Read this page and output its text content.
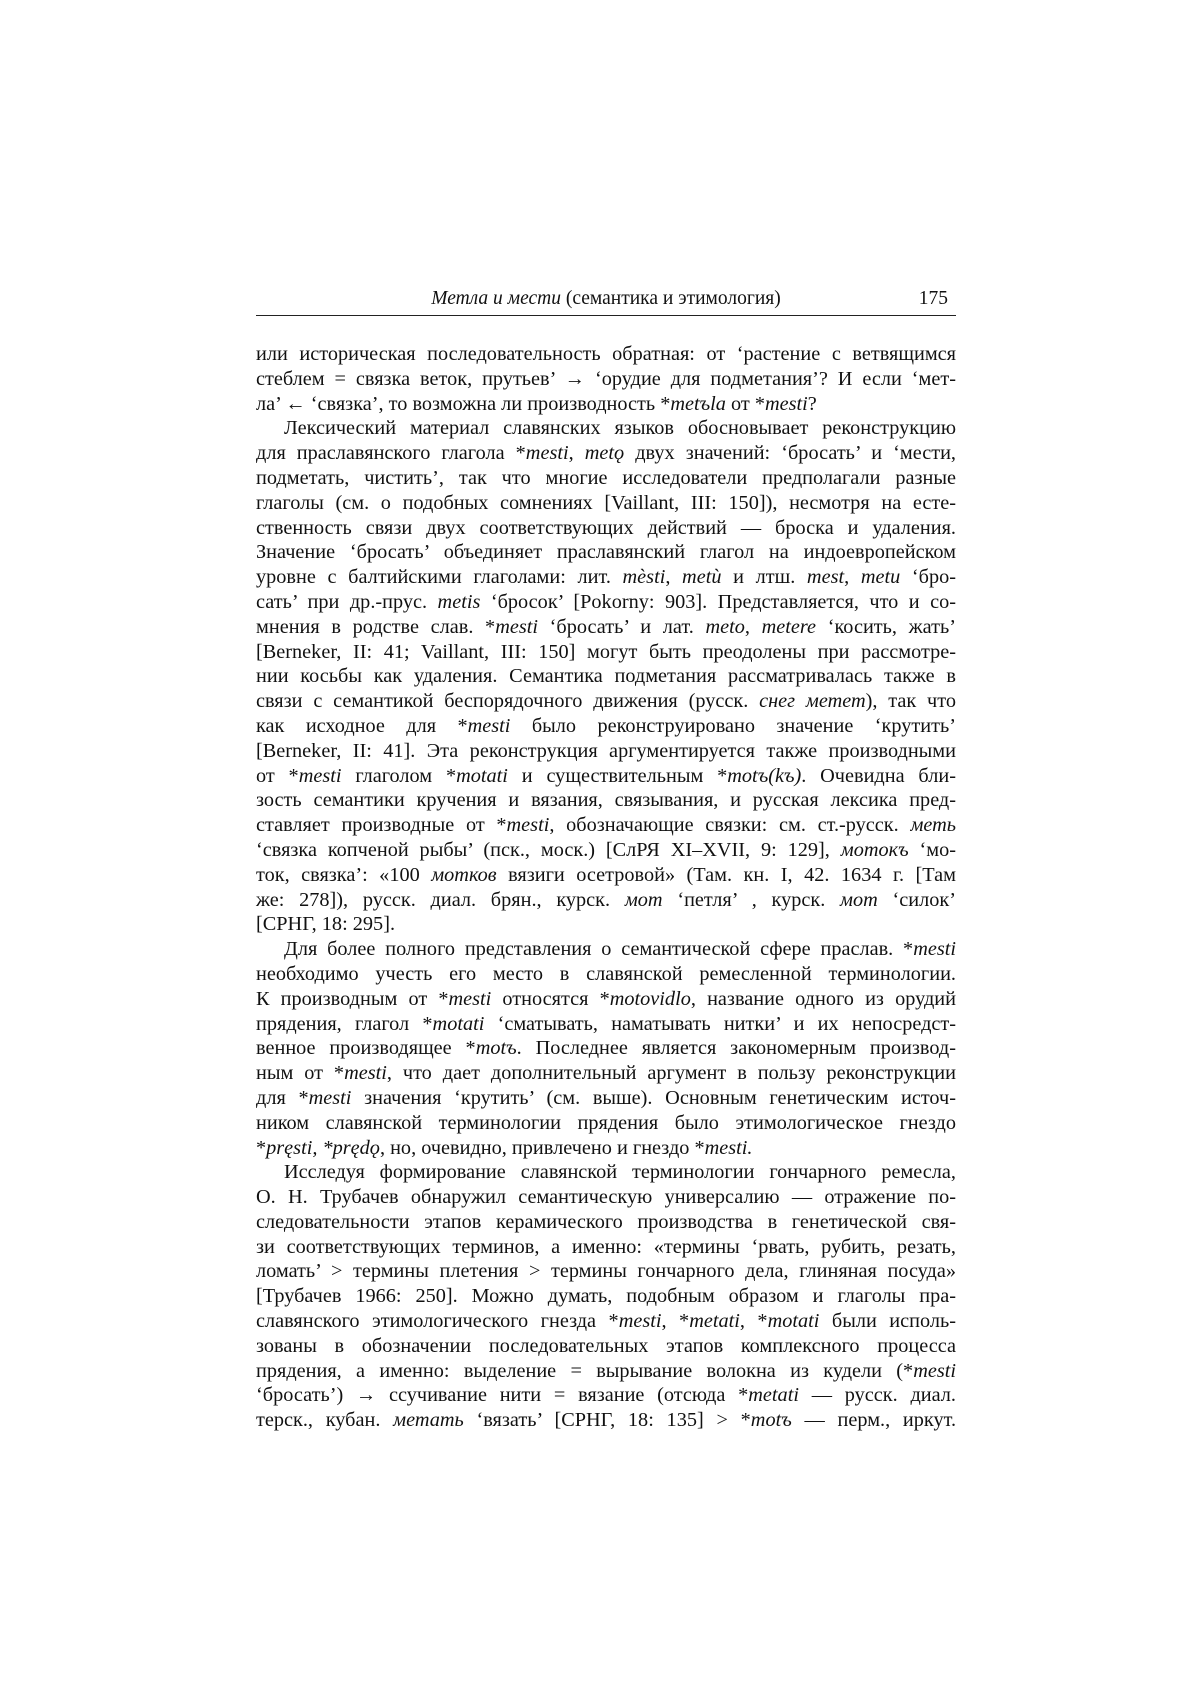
Метла и мести (семантика и этимология)	175
или историческая последовательность обратная: от ‘растение с ветвящимся
стеблем = связка веток, прутьев’ → ‘орудие для подметания’? И если ‘мет-
ла’ ← ‘связка’, то возможна ли производность *metъla от *mesti?
Лексический материал славянских языков обосновывает реконструкцию
для праславянского глагола *mesti, metǫ двух значений: ‘бросать’ и ‘мести,
подметать, чистить’, так что многие исследователи предполагали разные
глаголы (см. о подобных сомнениях [Vaillant, III: 150]), несмотря на есте-
ственность связи двух соответствующих действий — броска и удаления.
Значение ‘бросать’ объединяет праславянский глагол на индоевропейском
уровне с балтийскими глаголами: лит. mèsti, metù и лтш. mest, metu ‘бро-
сать’ при др.-прус. metis ‘бросок’ [Pokorny: 903]. Представляется, что и со-
мнения в родстве слав. *mesti ‘бросать’ и лат. meto, metere ‘косить, жать’
[Berneker, II: 41; Vaillant, III: 150] могут быть преодолены при рассмотре-
нии косьбы как удаления. Семантика подметания рассматривалась также в
связи с семантикой беспорядочного движения (русск. снег метет), так что
как исходное для *mesti было реконструировано значение ‘крутить’
[Berneker, II: 41]. Эта реконструкция аргументируется также производными
от *mesti глаголом *motati и существительным *motъ(kъ). Очевидна бли-
зость семантики кручения и вязания, связывания, и русская лексика пред-
ставляет производные от *mesti, обозначающие связки: см. ст.-русск. меть
‘связка копченой рыбы’ (пск., моск.) [СлРЯ XI–XVII, 9: 129], мотокъ ‘мо-
ток, связка’: «100 мотков вязиги осетровой» (Там. кн. I, 42. 1634 г. [Там
же: 278]), русск. диал. брян., курск. мот ‘петля’ , курск. мот ‘силок’
[СРНГ, 18: 295].
Для более полного представления о семантической сфере праслав. *mesti
необходимо учесть его место в славянской ремесленной терминологии.
К производным от *mesti относятся *motovidlo, название одного из орудий
прядения, глагол *motati ‘сматывать, наматывать нитки’ и их непосредст-
венное производящее *motъ. Последнее является закономерным производ-
ным от *mesti, что дает дополнительный аргумент в пользу реконструкции
для *mesti значения ‘крутить’ (см. выше). Основным генетическим источ-
ником славянской терминологии прядения было этимологическое гнездо
*pręsti, *prędǫ, но, очевидно, привлечено и гнездо *mesti.
Исследуя формирование славянской терминологии гончарного ремесла,
О. Н. Трубачев обнаружил семантическую универсалию — отражение по-
следовательности этапов керамического производства в генетической свя-
зи соответствующих терминов, а именно: «термины ‘рвать, рубить, резать,
ломать’ > термины плетения > термины гончарного дела, глиняная посуда»
[Трубачев 1966: 250]. Можно думать, подобным образом и глаголы пра-
славянского этимологического гнезда *mesti, *metati, *motati были исполь-
зованы в обозначении последовательных этапов комплексного процесса
прядения, а именно: выделение = вырывание волокна из кудели (*mesti
‘бросать’) → ссучивание нити = вязание (отсюда *metati — русск. диал.
терск., кубан. метать ‘вязать’ [СРНГ, 18: 135] > *motъ — перм., иркут.
